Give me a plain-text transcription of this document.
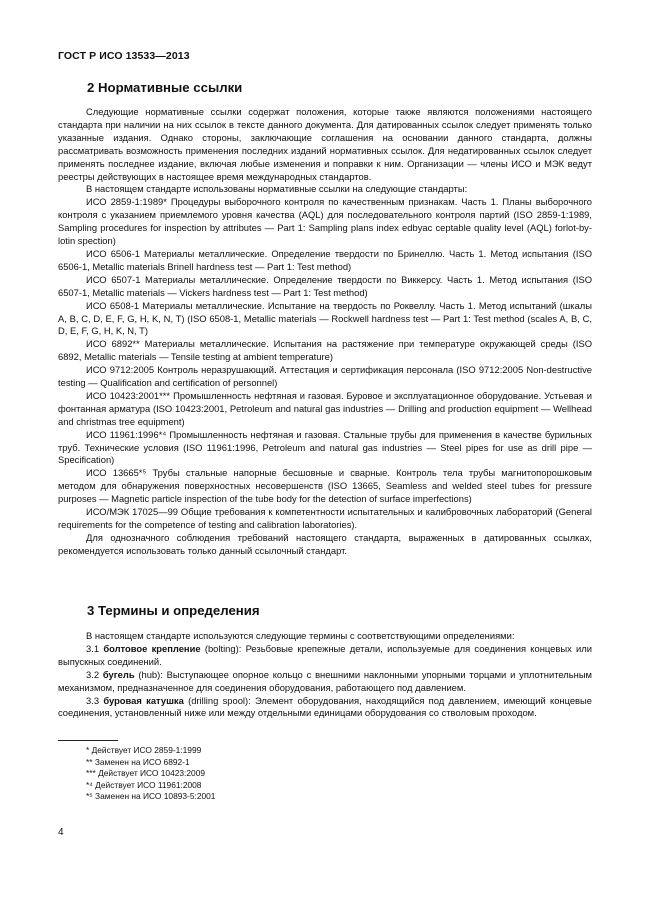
ГОСТ Р ИСО 13533—2013
2 Нормативные ссылки

Следующие нормативные ссылки содержат положения, которые также являются положениями настоящего стандарта при наличии на них ссылок в тексте данного документа. Для датированных ссылок следует применять только указанные издания. Однако стороны, заключающие соглашения на основании данного стандарта, должны рассматривать возможность применения последних изданий нормативных ссылок. Для недатированных ссылок следует применять последнее издание, включая любые изменения и поправки к ним. Организации — члены ИСО и МЭК ведут реестры действующих в настоящее время международных стандартов.

В настоящем стандарте использованы нормативные ссылки на следующие стандарты:

ИСО 2859-1:1989* Процедуры выборочного контроля по качественным признакам. Часть 1. Планы выборочного контроля с указанием приемлемого уровня качества (AQL) для последовательного контроля партий (ISO 2859-1:1989, Sampling procedures for inspection by attributes — Part 1: Sampling plans index edbyac ceptable quality level (AQL) forlot-by-lotin spection)

ИСО 6506-1 Материалы металлические. Определение твердости по Бринеллю. Часть 1. Метод испытания (ISO 6506-1, Metallic materials Brinell hardness test — Part 1: Test method)

ИСО 6507-1 Материалы металлические. Определение твердости по Виккерсу. Часть 1. Метод испытания (ISO 6507-1, Metallic materials — Vickers hardness test — Part 1: Test method)

ИСО 6508-1 Материалы металлические. Испытание на твердость по Роквеллу. Часть 1. Метод испытаний (шкалы A, B, C, D, E, F, G, H, K, N, T) (ISO 6508-1, Metallic materials — Rockwell hardness test — Part 1: Test method (scales A, B, C, D, E, F, G, H, K, N, T)

ИСО 6892** Материалы металлические. Испытания на растяжение при температуре окружающей среды (ISO 6892, Metallic materials — Tensile testing at ambient temperature)

ИСО 9712:2005 Контроль неразрушающий. Аттестация и сертификация персонала (ISO 9712:2005 Non-destructive testing — Qualification and certification of personnel)

ИСО 10423:2001*** Промышленность нефтяная и газовая. Буровое и эксплуатационное оборудование. Устьевая и фонтанная арматура (ISO 10423:2001, Petroleum and natural gas industries — Drilling and production equipment — Wellhead and christmas tree equipment)

ИСО 11961:1996*⁴ Промышленность нефтяная и газовая. Стальные трубы для применения в качестве бурильных труб. Технические условия (ISO 11961:1996, Petroleum and natural gas industries — Steel pipes for use as drill pipe — Specification)

ИСО 13665*⁵ Трубы стальные напорные бесшовные и сварные. Контроль тела трубы магнитопорошковым методом для обнаружения поверхностных несовершенств (ISO 13665, Seamless and welded steel tubes for pressure purposes — Magnetic particle inspection of the tube body for the detection of surface imperfections)

ИСО/МЭК 17025—99 Общие требования к компетентности испытательных и калибровочных лабораторий (General requirements for the competence of testing and calibration laboratories).

Для однозначного соблюдения требований настоящего стандарта, выраженных в датированных ссылках, рекомендуется использовать только данный ссылочный стандарт.

3 Термины и определения

В настоящем стандарте используются следующие термины с соответствующими определениями:

3.1 болтовое крепление (bolting): Резьбовые крепежные детали, используемые для соединения концевых или выпускных соединений.

3.2 бугель (hub): Выступающее опорное кольцо с внешними наклонными упорными торцами и уплотнительным механизмом, предназначенное для соединения оборудования, работающего под давлением.

3.3 буровая катушка (drilling spool): Элемент оборудования, находящийся под давлением, имеющий концевые соединения, установленный ниже или между отдельными единицами оборудования со стволовым проходом.

* Действует ИСО 2859-1:1999
** Заменен на ИСО 6892-1
*** Действует ИСО 10423:2009
*⁴ Действует ИСО 11961:2008
*⁵ Заменен на ИСО 10893-5:2001
4
